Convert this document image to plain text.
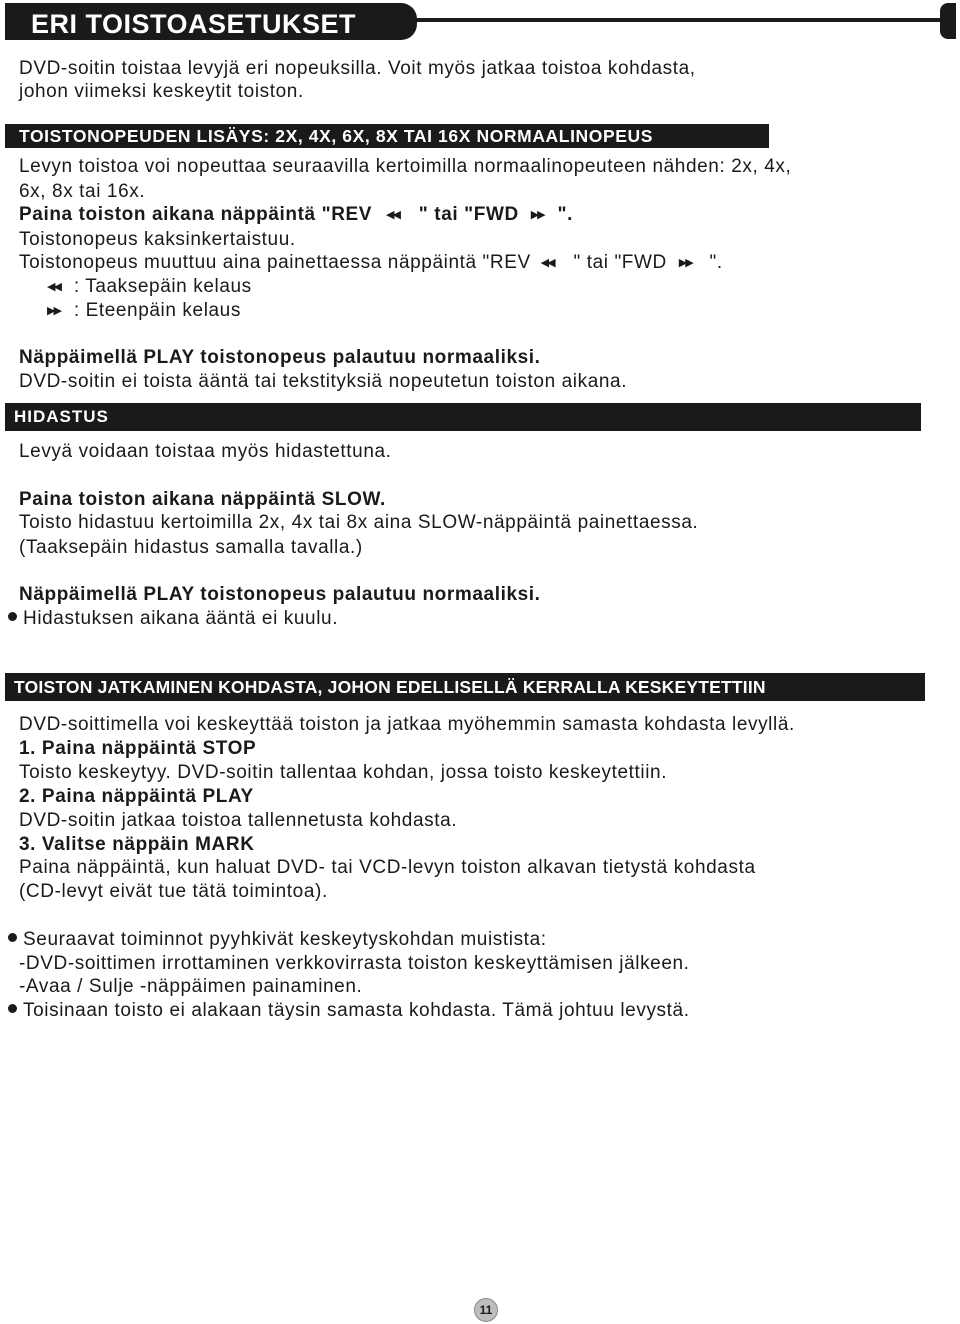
ERI TOISTOASETUKSET
DVD-soitin toistaa levyjä eri nopeuksilla. Voit myös jatkaa toistoa kohdasta,
johon viimeksi keskeytit toiston.
TOISTONOPEUDEN LISÄYS: 2X, 4X, 6X, 8X TAI 16X NORMAALINOPEUS
Levyn toistoa voi nopeuttaa seuraavilla kertoimilla normaalinopeuteen nähden: 2x, 4x,
6x, 8x tai 16x.
Paina toiston aikana näppäintä "REV ◀◀ " tai "FWD ▶▶ ".
Toistonopeus kaksinkertaistuu.
Toistonopeus muuttuu aina painettaessa näppäintä "REV ◀◀ " tai "FWD ▶▶ ".
◀◀ : Taaksepäin kelaus
▶▶ : Eteenpäin kelaus
Näppäimellä PLAY toistonopeus palautuu normaaliksi.
DVD-soitin ei toista ääntä tai tekstityksiä nopeutetun toiston aikana.
HIDASTUS
Levyä voidaan toistaa myös hidastettuna.
Paina toiston aikana näppäintä SLOW.
Toisto hidastuu kertoimilla 2x, 4x tai 8x aina SLOW-näppäintä painettaessa.
(Taaksepäin hidastus samalla tavalla.)
Näppäimellä PLAY toistonopeus palautuu normaaliksi.
Hidastuksen aikana ääntä ei kuulu.
TOISTON JATKAMINEN KOHDASTA, JOHON EDELLISELLÄ KERRALLA KESKEYTETTIIN
DVD-soittimella voi keskeyttää toiston ja jatkaa myöhemmin samasta kohdasta levyllä.
1. Paina näppäintä STOP
Toisto keskeytyy. DVD-soitin tallentaa kohdan, jossa toisto keskeytettiin.
2. Paina näppäintä PLAY
DVD-soitin jatkaa toistoa tallennetusta kohdasta.
3. Valitse näppäin MARK
Paina näppäintä, kun haluat DVD- tai VCD-levyn toiston alkavan tietystä kohdasta
(CD-levyt eivät tue tätä toimintoa).
Seuraavat toiminnot pyyhkivät keskeytyskohdan muistista:
-DVD-soittimen irrottaminen verkkovirrasta toiston keskeyttämisen jälkeen.
-Avaa / Sulje -näppäimen painaminen.
Toisinaan toisto ei alakaan täysin samasta kohdasta. Tämä johtuu levystä.
11
